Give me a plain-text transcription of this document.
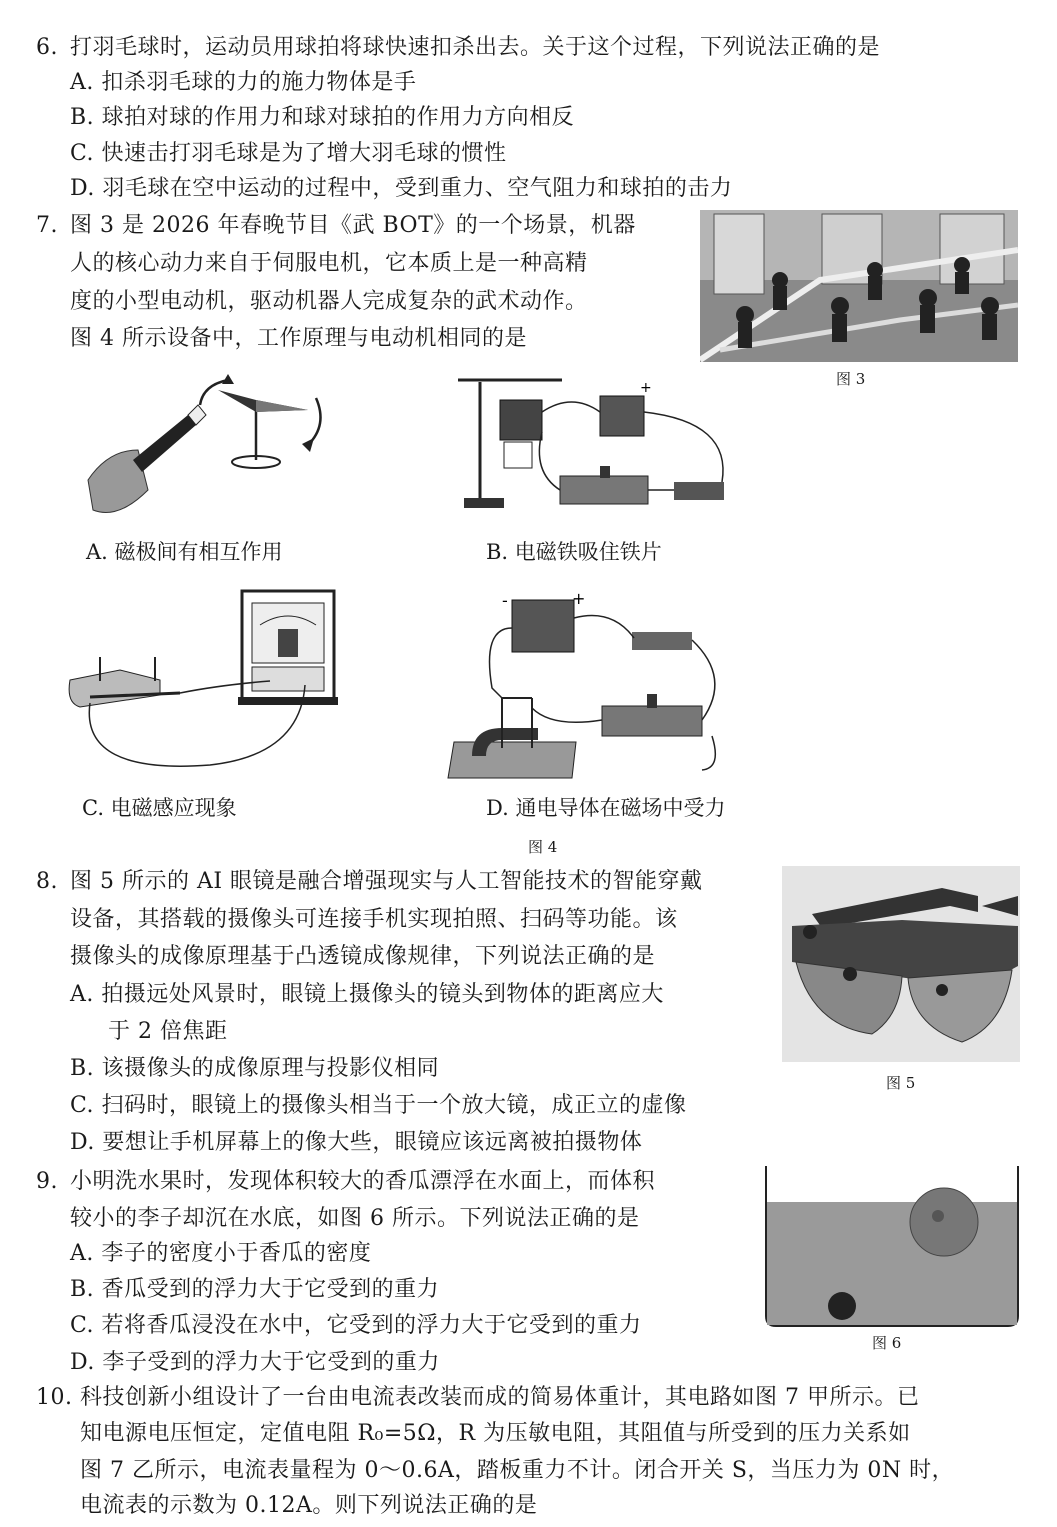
6. 打羽毛球时，运动员用球拍将球快速扣杀出去。关于这个过程，下列说法正确的是
A. 扣杀羽毛球的力的施力物体是手
B. 球拍对球的作用力和球对球拍的作用力方向相反
C. 快速击打羽毛球是为了增大羽毛球的惯性
D. 羽毛球在空中运动的过程中，受到重力、空气阻力和球拍的击力
7. 图 3 是 2026 年春晚节目《武 BOT》的一个场景，机器
人的核心动力来自于伺服电机，它本质上是一种高精
度的小型电动机，驱动机器人完成复杂的武术动作。
图 4 所示设备中，工作原理与电动机相同的是
图 3
A. 磁极间有相互作用
+
B. 电磁铁吸住铁片
C. 电磁感应现象
-	+
D. 通电导体在磁场中受力
图 4
8. 图 5 所示的 AI 眼镜是融合增强现实与人工智能技术的智能穿戴
设备，其搭载的摄像头可连接手机实现拍照、扫码等功能。该
摄像头的成像原理基于凸透镜成像规律，下列说法正确的是
A. 拍摄远处风景时，眼镜上摄像头的镜头到物体的距离应大
于 2 倍焦距
B. 该摄像头的成像原理与投影仪相同
C. 扫码时，眼镜上的摄像头相当于一个放大镜，成正立的虚像
D. 要想让手机屏幕上的像大些，眼镜应该远离被拍摄物体
图 5
9. 小明洗水果时，发现体积较大的香瓜漂浮在水面上，而体积
较小的李子却沉在水底，如图 6 所示。下列说法正确的是
A. 李子的密度小于香瓜的密度
B. 香瓜受到的浮力大于它受到的重力
C. 若将香瓜浸没在水中，它受到的浮力大于它受到的重力
D. 李子受到的浮力大于它受到的重力
图 6
10. 科技创新小组设计了一台由电流表改装而成的简易体重计，其电路如图 7 甲所示。已
知电源电压恒定，定值电阻 R₀=5Ω，R 为压敏电阻，其阻值与所受到的压力关系如
图 7 乙所示，电流表量程为 0～0.6A，踏板重力不计。闭合开关 S，当压力为 0N 时，
电流表的示数为 0.12A。则下列说法正确的是
